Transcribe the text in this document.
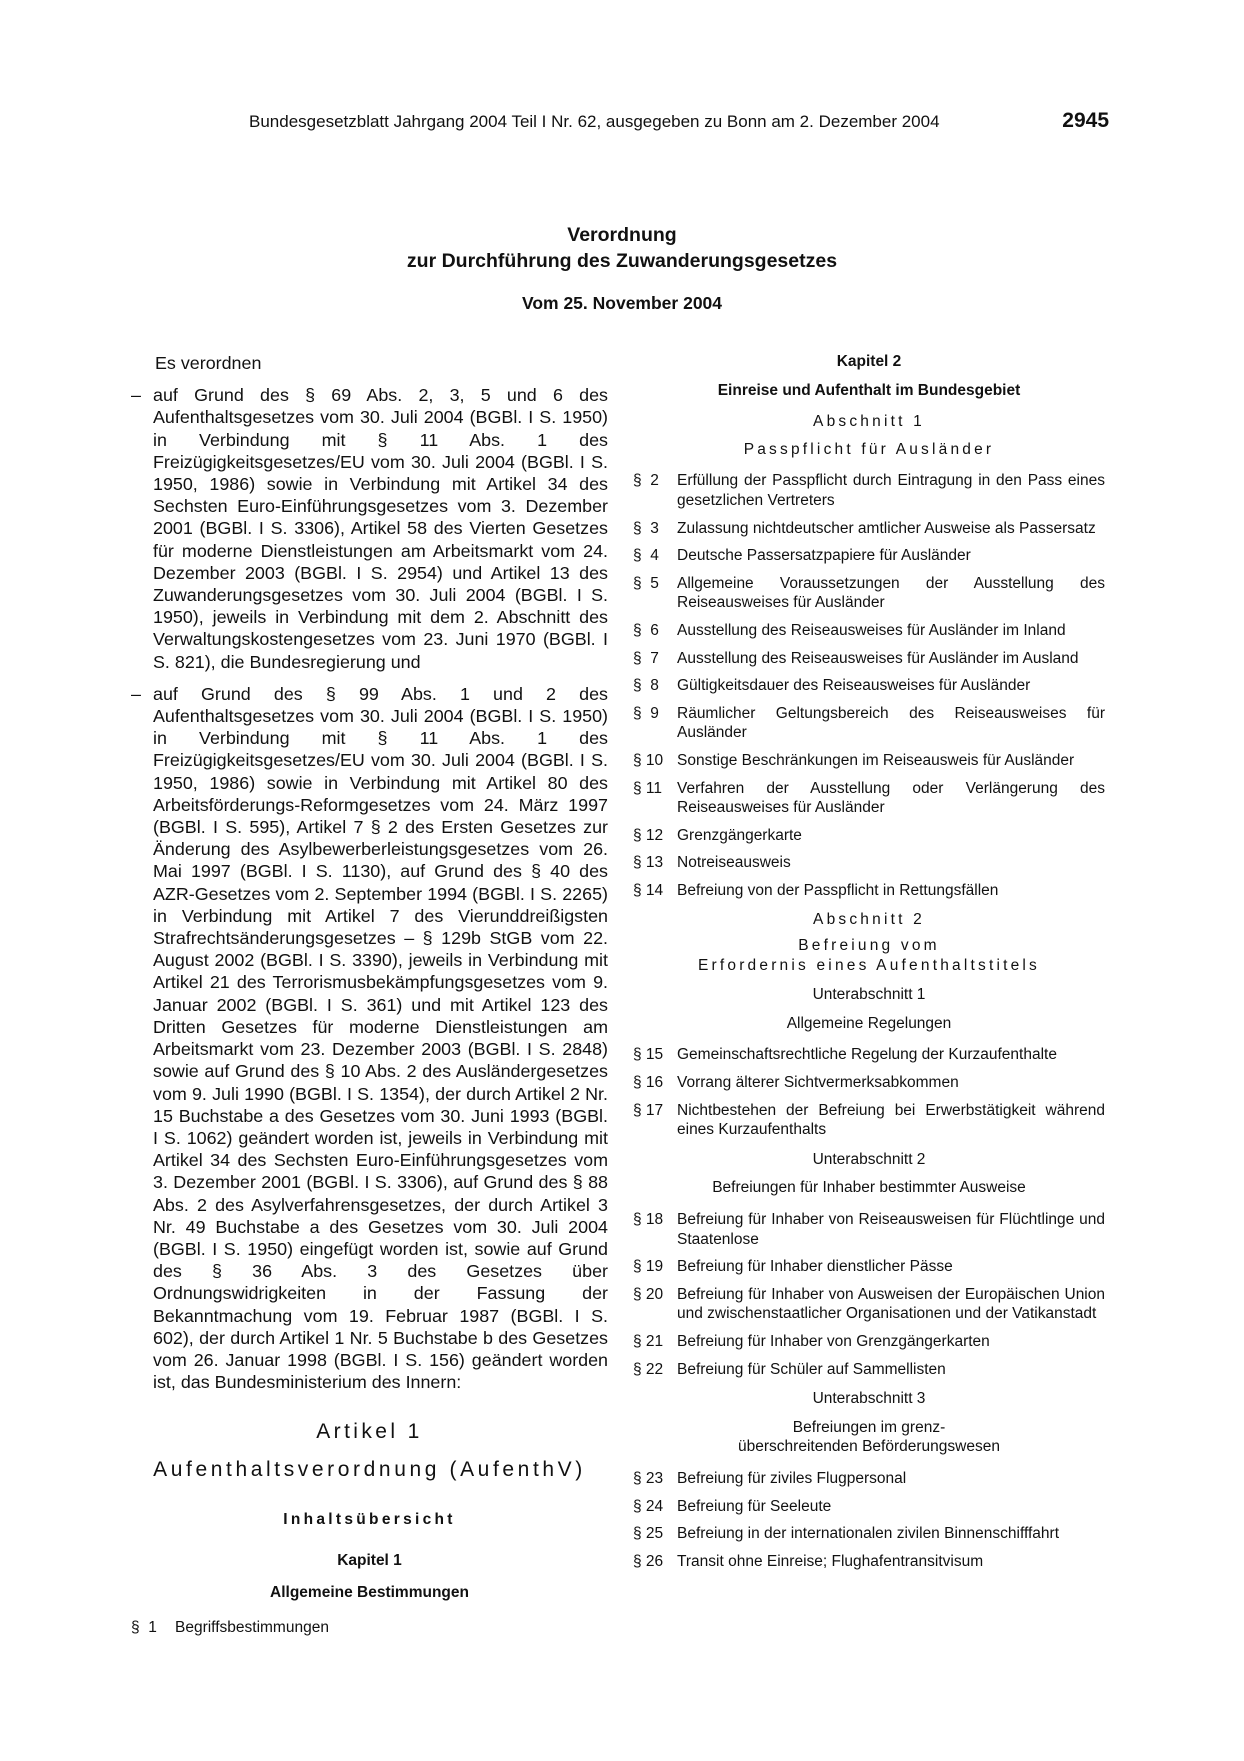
Bundesgesetzblatt Jahrgang 2004 Teil I Nr. 62, ausgegeben zu Bonn am 2. Dezember 2004	2945
Verordnung
zur Durchführung des Zuwanderungsgesetzes
Vom 25. November 2004
Es verordnen
– auf Grund des § 69 Abs. 2, 3, 5 und 6 des Aufenthaltsgesetzes vom 30. Juli 2004 (BGBl. I S. 1950) in Verbindung mit § 11 Abs. 1 des Freizügigkeitsgesetzes/EU vom 30. Juli 2004 (BGBl. I S. 1950, 1986) sowie in Verbindung mit Artikel 34 des Sechsten Euro-Einführungsgesetzes vom 3. Dezember 2001 (BGBl. I S. 3306), Artikel 58 des Vierten Gesetzes für moderne Dienstleistungen am Arbeitsmarkt vom 24. Dezember 2003 (BGBl. I S. 2954) und Artikel 13 des Zuwanderungsgesetzes vom 30. Juli 2004 (BGBl. I S. 1950), jeweils in Verbindung mit dem 2. Abschnitt des Verwaltungskostengesetzes vom 23. Juni 1970 (BGBl. I S. 821), die Bundesregierung und
– auf Grund des § 99 Abs. 1 und 2 des Aufenthaltsgesetzes vom 30. Juli 2004 (BGBl. I S. 1950) in Verbindung mit § 11 Abs. 1 des Freizügigkeitsgesetzes/EU vom 30. Juli 2004 (BGBl. I S. 1950, 1986) sowie in Verbindung mit Artikel 80 des Arbeitsförderungs-Reformgesetzes vom 24. März 1997 (BGBl. I S. 595), Artikel 7 § 2 des Ersten Gesetzes zur Änderung des Asylbewerberleistungsgesetzes vom 26. Mai 1997 (BGBl. I S. 1130), auf Grund des § 40 des AZR-Gesetzes vom 2. September 1994 (BGBl. I S. 2265) in Verbindung mit Artikel 7 des Vierunddreißigsten Strafrechtsänderungsgesetzes – § 129b StGB vom 22. August 2002 (BGBl. I S. 3390), jeweils in Verbindung mit Artikel 21 des Terrorismusbekämpfungsgesetzes vom 9. Januar 2002 (BGBl. I S. 361) und mit Artikel 123 des Dritten Gesetzes für moderne Dienstleistungen am Arbeitsmarkt vom 23. Dezember 2003 (BGBl. I S. 2848) sowie auf Grund des § 10 Abs. 2 des Ausländergesetzes vom 9. Juli 1990 (BGBl. I S. 1354), der durch Artikel 2 Nr. 15 Buchstabe a des Gesetzes vom 30. Juni 1993 (BGBl. I S. 1062) geändert worden ist, jeweils in Verbindung mit Artikel 34 des Sechsten Euro-Einführungsgesetzes vom 3. Dezember 2001 (BGBl. I S. 3306), auf Grund des § 88 Abs. 2 des Asylverfahrensgesetzes, der durch Artikel 3 Nr. 49 Buchstabe a des Gesetzes vom 30. Juli 2004 (BGBl. I S. 1950) eingefügt worden ist, sowie auf Grund des § 36 Abs. 3 des Gesetzes über Ordnungswidrigkeiten in der Fassung der Bekanntmachung vom 19. Februar 1987 (BGBl. I S. 602), der durch Artikel 1 Nr. 5 Buchstabe b des Gesetzes vom 26. Januar 1998 (BGBl. I S. 156) geändert worden ist, das Bundesministerium des Innern:
Artikel 1
Aufenthaltsverordnung (AufenthV)
Inhaltsübersicht
Kapitel 1
Allgemeine Bestimmungen
§  1	Begriffsbestimmungen
Kapitel 2
Einreise und Aufenthalt im Bundesgebiet
Abschnitt 1
Passpflicht für Ausländer
§  2	Erfüllung der Passpflicht durch Eintragung in den Pass eines gesetzlichen Vertreters
§  3	Zulassung nichtdeutscher amtlicher Ausweise als Passersatz
§  4	Deutsche Passersatzpapiere für Ausländer
§  5	Allgemeine Voraussetzungen der Ausstellung des Reiseausweises für Ausländer
§  6	Ausstellung des Reiseausweises für Ausländer im Inland
§  7	Ausstellung des Reiseausweises für Ausländer im Ausland
§  8	Gültigkeitsdauer des Reiseausweises für Ausländer
§  9	Räumlicher Geltungsbereich des Reiseausweises für Ausländer
§ 10 Sonstige Beschränkungen im Reiseausweis für Ausländer
§ 11 Verfahren der Ausstellung oder Verlängerung des Reiseausweises für Ausländer
§ 12 Grenzgängerkarte
§ 13 Notreiseausweis
§ 14 Befreiung von der Passpflicht in Rettungsfällen
Abschnitt 2
Befreiung vom
Erfordernis eines Aufenthaltstitels
Unterabschnitt 1
Allgemeine Regelungen
§ 15 Gemeinschaftsrechtliche Regelung der Kurzaufenthalte
§ 16 Vorrang älterer Sichtvermerksabkommen
§ 17 Nichtbestehen der Befreiung bei Erwerbstätigkeit während eines Kurzaufenthalts
Unterabschnitt 2
Befreiungen für Inhaber bestimmter Ausweise
§ 18 Befreiung für Inhaber von Reiseausweisen für Flüchtlinge und Staatenlose
§ 19 Befreiung für Inhaber dienstlicher Pässe
§ 20 Befreiung für Inhaber von Ausweisen der Europäischen Union und zwischenstaatlicher Organisationen und der Vatikanstadt
§ 21 Befreiung für Inhaber von Grenzgängerkarten
§ 22 Befreiung für Schüler auf Sammellisten
Unterabschnitt 3
Befreiungen im grenz-
überschreitenden Beförderungswesen
§ 23 Befreiung für ziviles Flugpersonal
§ 24 Befreiung für Seeleute
§ 25 Befreiung in der internationalen zivilen Binnenschifffahrt
§ 26 Transit ohne Einreise; Flughafentransitvisum
